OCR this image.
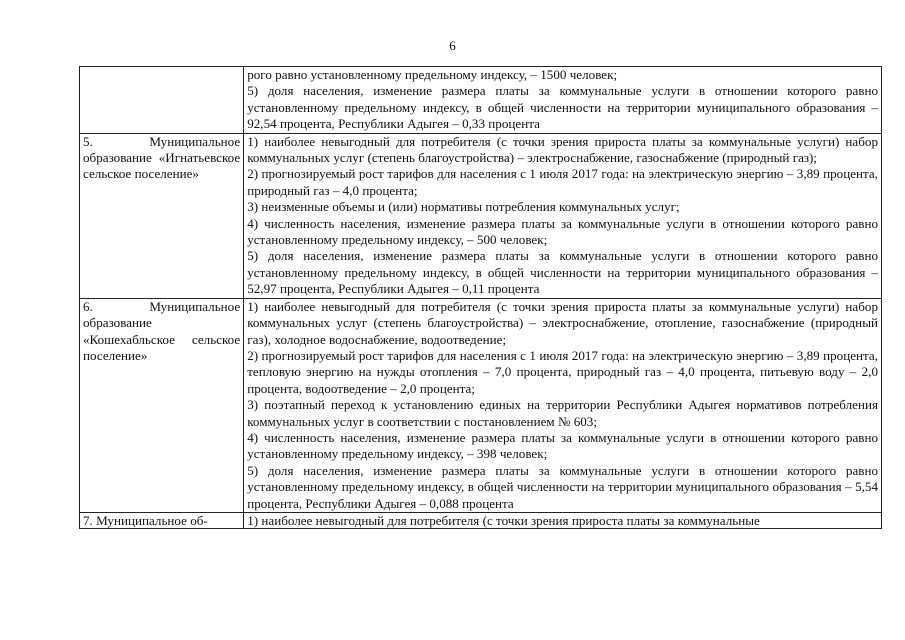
6

	рого равно установленному предельному индексу, – 1500 человек;
5) доля населения, изменение размера платы за коммунальные услуги в отношении которого равно установленному предельному индексу, в общей численности на территории муниципального образования – 92,54 процента, Республики Адыгея – 0,33 процента

5. Муниципальное образование «Игнатьевское сельское поселение»	1) наиболее невыгодный для потребителя (с точки зрения прироста платы за коммунальные услуги) набор коммунальных услуг (степень благоустройства) – электроснабжение, газоснабжение (природный газ);
2) прогнозируемый рост тарифов для населения с 1 июля 2017 года: на электрическую энергию – 3,89 процента, природный газ – 4,0 процента;
3) неизменные объемы и (или) нормативы потребления коммунальных услуг;
4) численность населения, изменение размера платы за коммунальные услуги в отношении которого равно установленному предельному индексу, – 500 человек;
5) доля населения, изменение размера платы за коммунальные услуги в отношении которого равно установленному предельному индексу, в общей численности на территории муниципального образования – 52,97 процента, Республики Адыгея – 0,11 процента

6. Муниципальное образование «Кошехабльское сельское поселение»	1) наиболее невыгодный для потребителя (с точки зрения прироста платы за коммунальные услуги) набор коммунальных услуг (степень благоустройства) – электроснабжение, отопление, газоснабжение (природный газ), холодное водоснабжение, водоотведение;
2) прогнозируемый рост тарифов для населения с 1 июля 2017 года: на электрическую энергию – 3,89 процента, тепловую энергию на нужды отопления – 7,0 процента, природный газ – 4,0 процента, питьевую воду – 2,0 процента, водоотведение – 2,0 процента;
3) поэтапный переход к установлению единых на территории Республики Адыгея нормативов потребления коммунальных услуг в соответствии с постановлением № 603;
4) численность населения, изменение размера платы за коммунальные услуги в отношении которого равно установленному предельному индексу, – 398 человек;
5) доля населения, изменение размера платы за коммунальные услуги в отношении которого равно установленному предельному индексу, в общей численности на территории муниципального образования – 5,54 процента, Республики Адыгея – 0,088 процента

7. Муниципальное об-	1) наиболее невыгодный для потребителя (с точки зрения прироста платы за коммунальные
